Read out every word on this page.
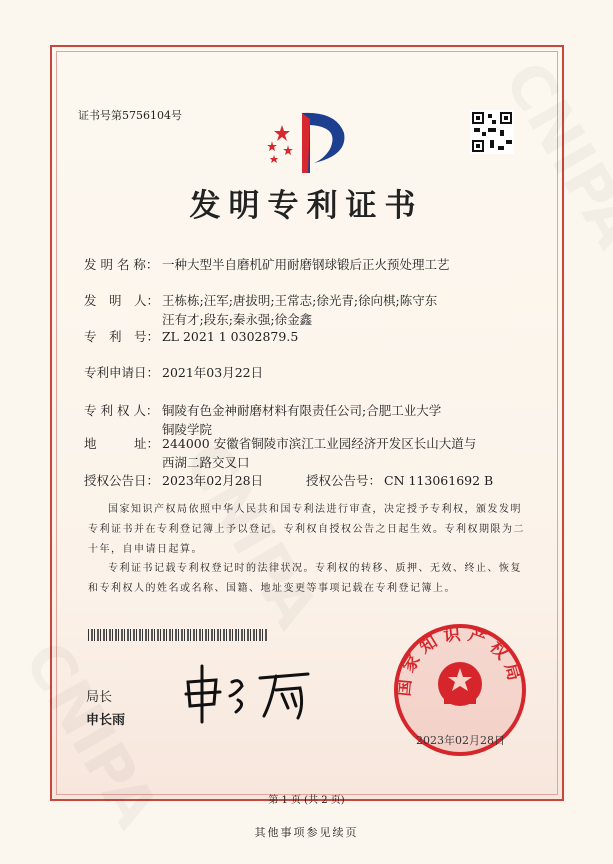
证书号第5756104号
发明专利证书
发 明 名 称： 一种大型半自磨机矿用耐磨钢球锻后正火预处理工艺
发　明　人： 王栋栋;汪军;唐拔明;王常志;徐光青;徐向棋;陈守东
汪有才;段东;秦永强;徐金鑫
专　利　号： ZL 2021 1 0302879.5
专利申请日： 2021年03月22日
专 利 权 人： 铜陵有色金神耐磨材料有限责任公司;合肥工业大学
铜陵学院
地　　　址： 244000 安徽省铜陵市滨江工业园经济开发区长山大道与
西湖二路交叉口
授权公告日： 2023年02月28日	授权公告号： CN 113061692 B
国家知识产权局依照中华人民共和国专利法进行审查，决定授予专利权，颁发发明专利证书并在专利登记簿上予以登记。专利权自授权公告之日起生效。专利权期限为二十年，自申请日起算。
专利证书记载专利权登记时的法律状况。专利权的转移、质押、无效、终止、恢复和专利权人的姓名或名称、国籍、地址变更等事项记载在专利登记簿上。
局长
申长雨
国家知识产权局
2023年02月28日
第 1 页 (共 2 页)
其他事项参见续页
